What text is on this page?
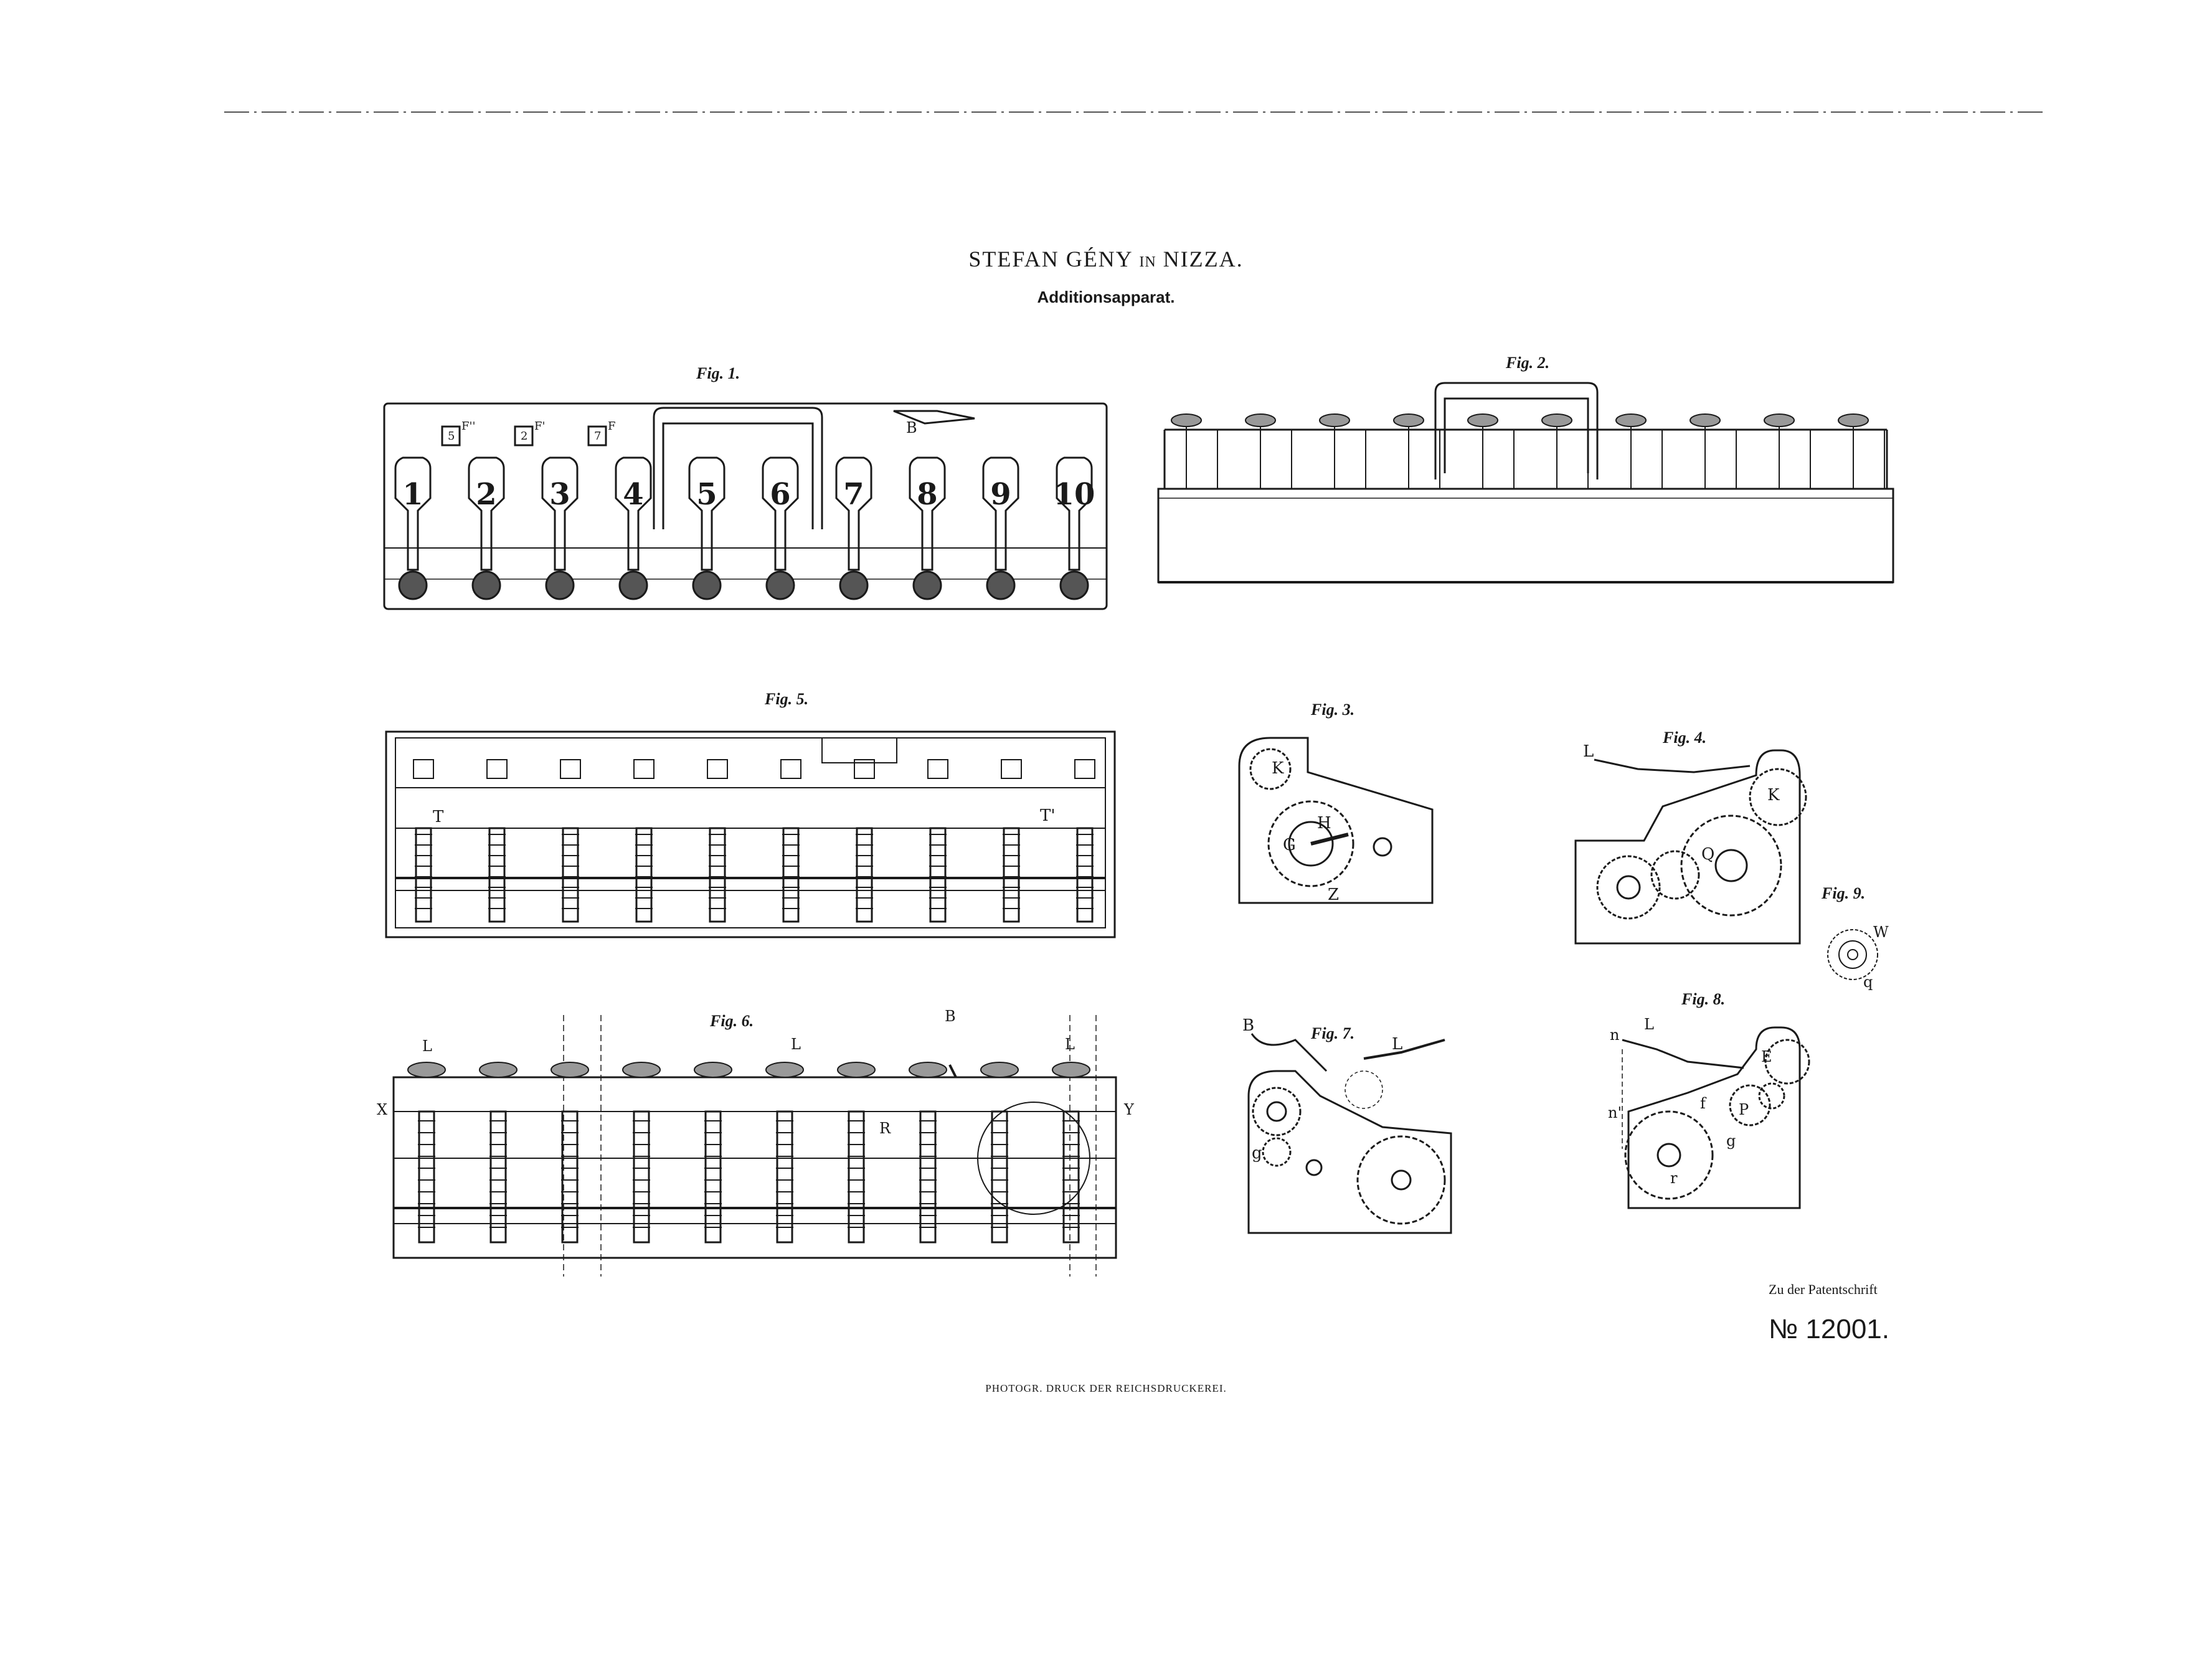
STEFAN GÉNY IN NIZZA.
Additionsapparat.
Fig. 1.
1 2 3 4 5 6 7 8 9 10
5	2	7
F''	F'	F	B
Fig. 2.
Fig. 5.
T	T'
Fig. 6.
L	L	L
B
X	Y
R
Fig. 3.
K
H
G
Z
Fig. 4.
L
K
Q
Fig. 9.
W
q
Fig. 7.
B
L
g
Fig. 8.
L
n
n'
E
f P
g
r
Zu der Patentschrift
№ 12001.
PHOTOGR. DRUCK DER REICHSDRUCKEREI.
